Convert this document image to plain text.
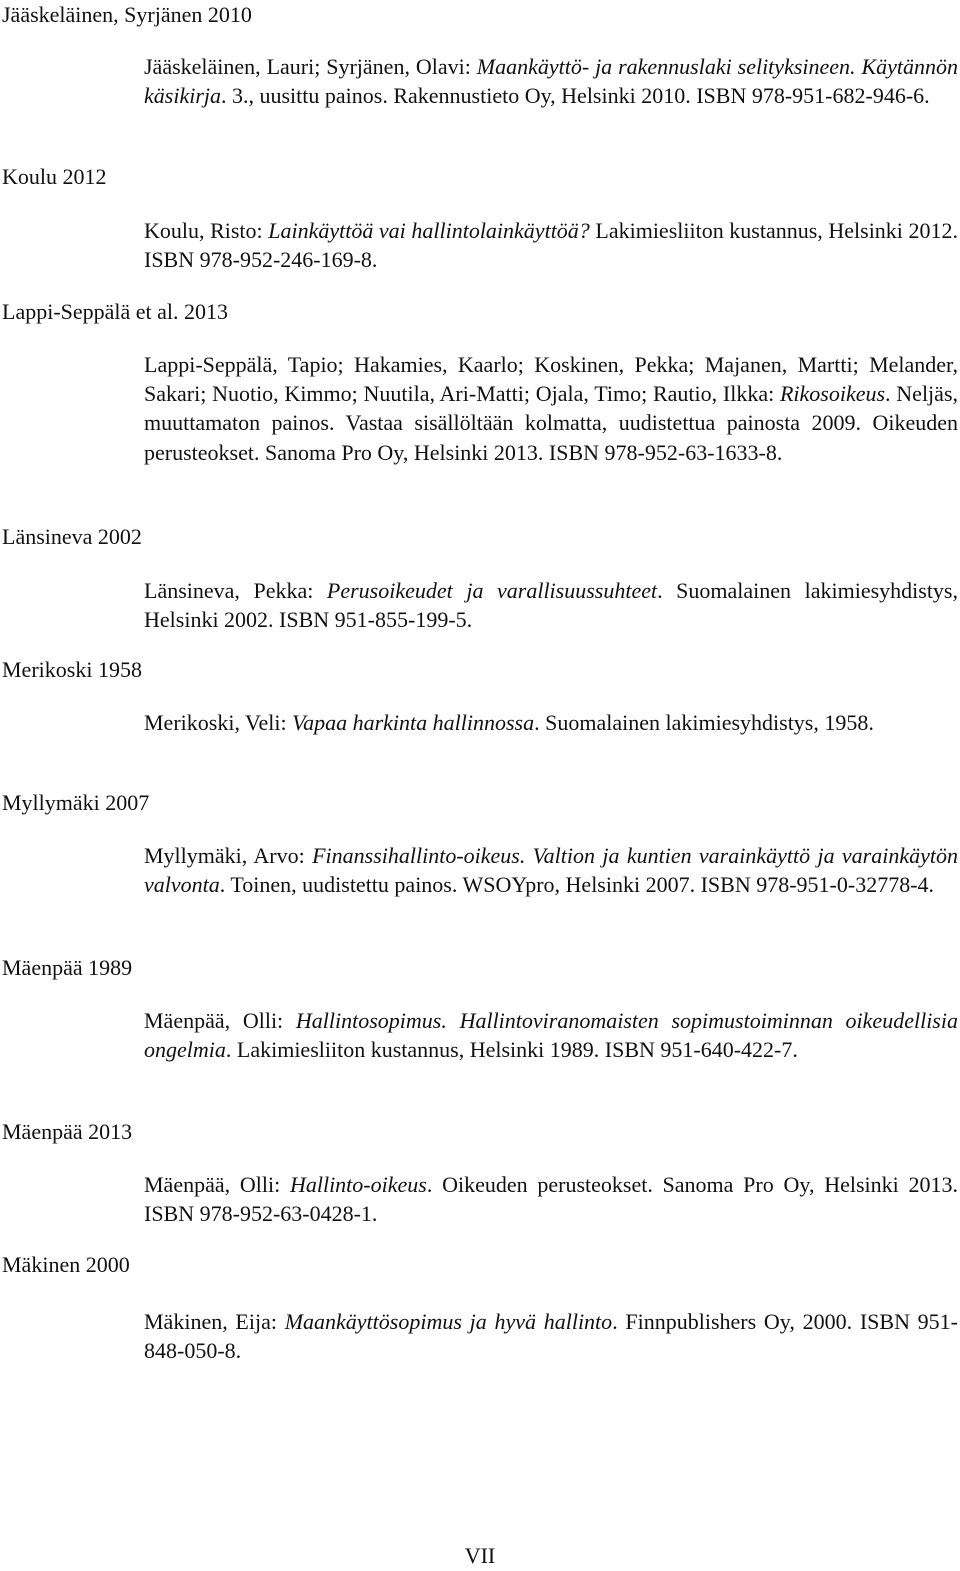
Jääskeläinen, Syrjänen 2010
Koulu 2012
Lappi-Seppälä et al. 2013
Länsineva 2002
Merikoski 1958
Myllymäki 2007
Mäenpää 1989
Mäenpää 2013
Mäkinen 2000
Jääskeläinen, Lauri; Syrjänen, Olavi: Maankäyttö- ja rakennuslaki selityksineen. Käytännön käsikirja. 3., uusittu painos. Rakennustieto Oy, Helsinki 2010. ISBN 978-951-682-946-6.
Koulu, Risto: Lainkäyttöä vai hallintolainkäyttöä? Lakimiesliiton kustannus, Helsinki 2012. ISBN 978-952-246-169-8.
Lappi-Seppälä, Tapio; Hakamies, Kaarlo; Koskinen, Pekka; Majanen, Martti; Melander, Sakari; Nuotio, Kimmo; Nuutila, Ari-Matti; Ojala, Timo; Rautio, Ilkka: Rikosoikeus. Neljäs, muuttamaton painos. Vastaa sisällöltään kolmatta, uudistettua painosta 2009. Oikeuden perusteokset. Sanoma Pro Oy, Helsinki 2013. ISBN 978-952-63-1633-8.
Länsineva, Pekka: Perusoikeudet ja varallisuussuhteet. Suomalainen lakimiesyhdistys, Helsinki 2002. ISBN 951-855-199-5.
Merikoski, Veli: Vapaa harkinta hallinnossa. Suomalainen lakimiesyhdistys, 1958.
Myllymäki, Arvo: Finanssihallinto-oikeus. Valtion ja kuntien varainkäyttö ja varainkäytön valvonta. Toinen, uudistettu painos. WSOYpro, Helsinki 2007. ISBN 978-951-0-32778-4.
Mäenpää, Olli: Hallintosopimus. Hallintoviranomaisten sopimustoiminnan oikeudellisia ongelmia. Lakimiesliiton kustannus, Helsinki 1989. ISBN 951-640-422-7.
Mäenpää, Olli: Hallinto-oikeus. Oikeuden perusteokset. Sanoma Pro Oy, Helsinki 2013. ISBN 978-952-63-0428-1.
Mäkinen, Eija: Maankäyttösopimus ja hyvä hallinto. Finnpublishers Oy, 2000. ISBN 951-848-050-8.
VII
